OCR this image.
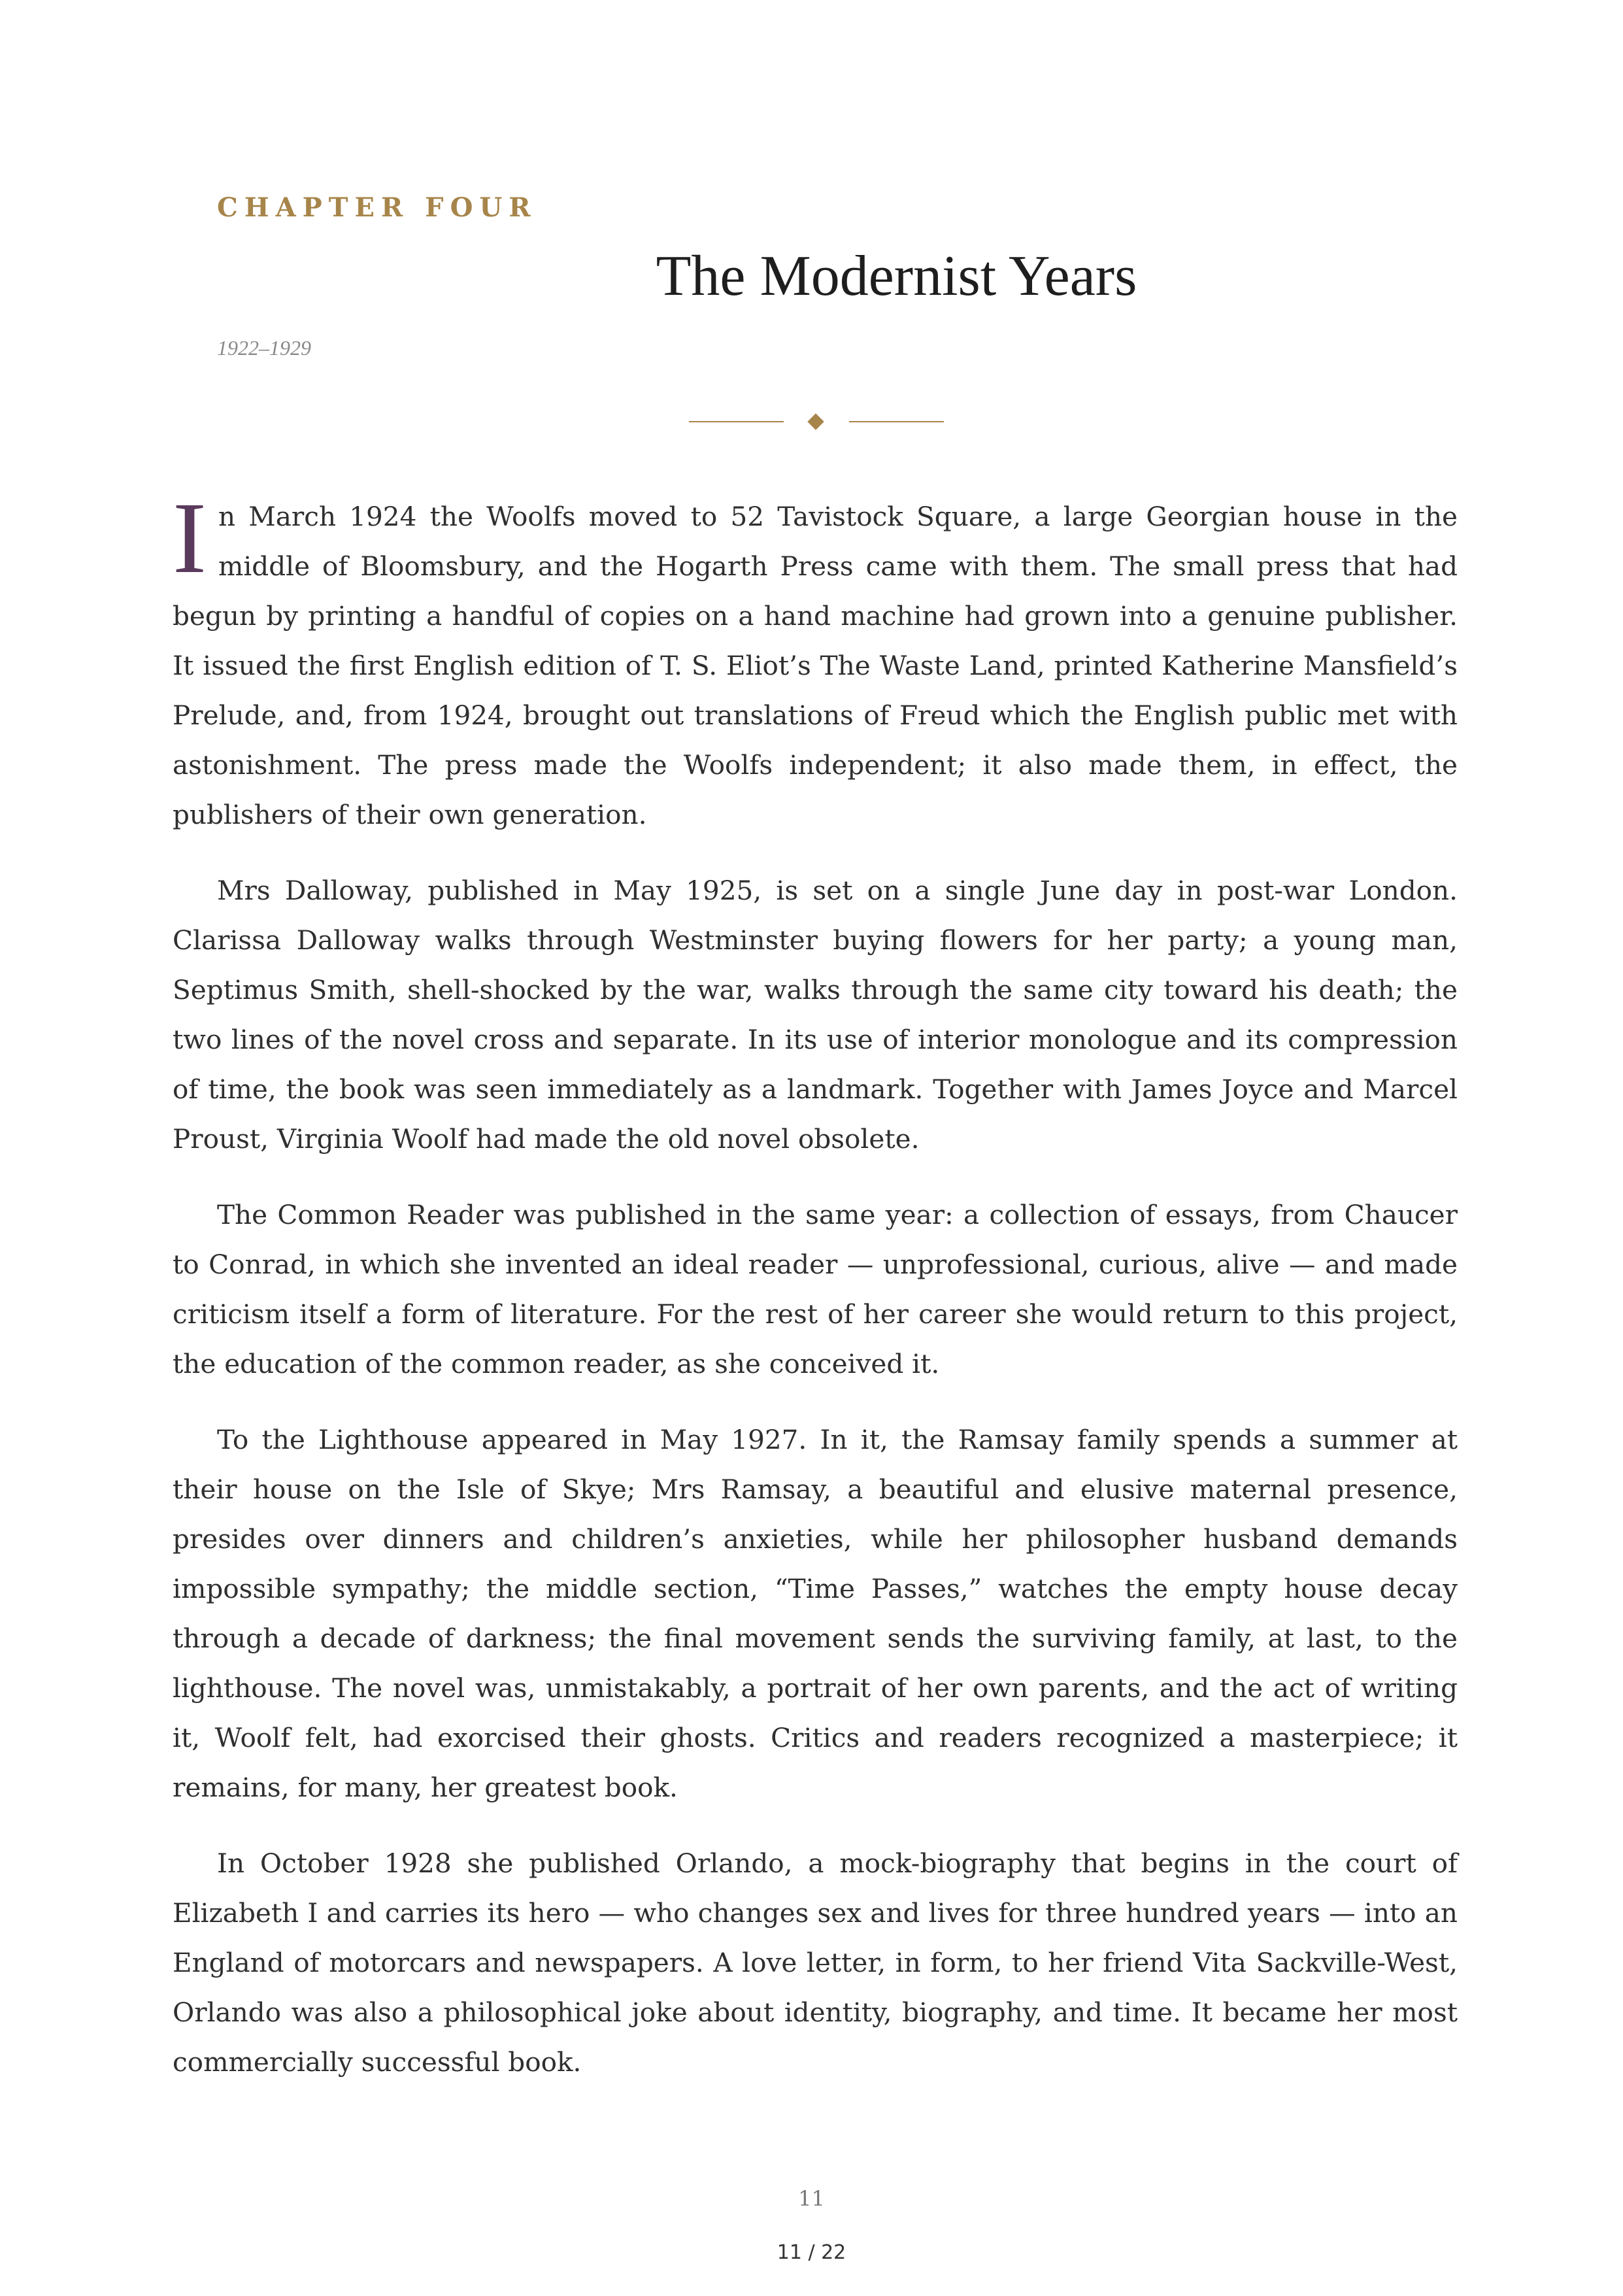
CHAPTER FOUR
The Modernist Years
1922–1929

In March 1924 the Woolfs moved to 52 Tavistock Square, a large Georgian house in the middle of Bloomsbury, and the Hogarth Press came with them. The small press that had begun by printing a handful of copies on a hand machine had grown into a genuine publisher. It issued the first English edition of T. S. Eliot’s The Waste Land, printed Katherine Mansfield’s Prelude, and, from 1924, brought out translations of Freud which the English public met with astonishment. The press made the Woolfs independent; it also made them, in effect, the publishers of their own generation.

Mrs Dalloway, published in May 1925, is set on a single June day in post-war London. Clarissa Dalloway walks through Westminster buying flowers for her party; a young man, Septimus Smith, shell-shocked by the war, walks through the same city toward his death; the two lines of the novel cross and separate. In its use of interior monologue and its compression of time, the book was seen immediately as a landmark. Together with James Joyce and Marcel Proust, Virginia Woolf had made the old novel obsolete.

The Common Reader was published in the same year: a collection of essays, from Chaucer to Conrad, in which she invented an ideal reader — unprofessional, curious, alive — and made criticism itself a form of literature. For the rest of her career she would return to this project, the education of the common reader, as she conceived it.

To the Lighthouse appeared in May 1927. In it, the Ramsay family spends a summer at their house on the Isle of Skye; Mrs Ramsay, a beautiful and elusive maternal presence, presides over dinners and children’s anxieties, while her philosopher husband demands impossible sympathy; the middle section, “Time Passes,” watches the empty house decay through a decade of darkness; the final movement sends the surviving family, at last, to the lighthouse. The novel was, unmistakably, a portrait of her own parents, and the act of writing it, Woolf felt, had exorcised their ghosts. Critics and readers recognized a masterpiece; it remains, for many, her greatest book.

In October 1928 she published Orlando, a mock-biography that begins in the court of Elizabeth I and carries its hero — who changes sex and lives for three hundred years — into an England of motorcars and newspapers. A love letter, in form, to her friend Vita Sackville-West, Orlando was also a philosophical joke about identity, biography, and time. It became her most commercially successful book.

11
11 / 22
